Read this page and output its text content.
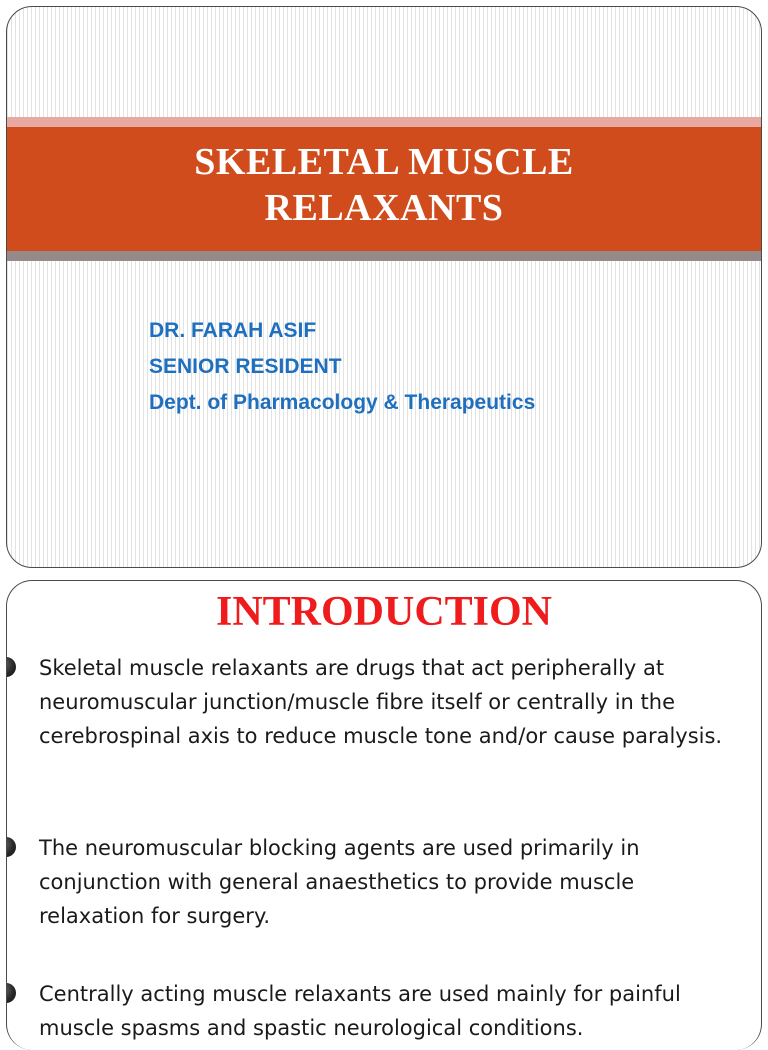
SKELETAL MUSCLE
RELAXANTS
DR. FARAH ASIF
SENIOR RESIDENT
Dept. of Pharmacology & Therapeutics
INTRODUCTION
Skeletal muscle relaxants are drugs that act peripherally at neuromuscular junction/muscle fibre itself or centrally in the cerebrospinal axis to reduce muscle tone and/or cause paralysis.
The neuromuscular blocking agents are used primarily in conjunction with general anaesthetics to provide muscle relaxation for surgery.
Centrally acting muscle relaxants are used mainly for painful muscle spasms and spastic neurological conditions.
